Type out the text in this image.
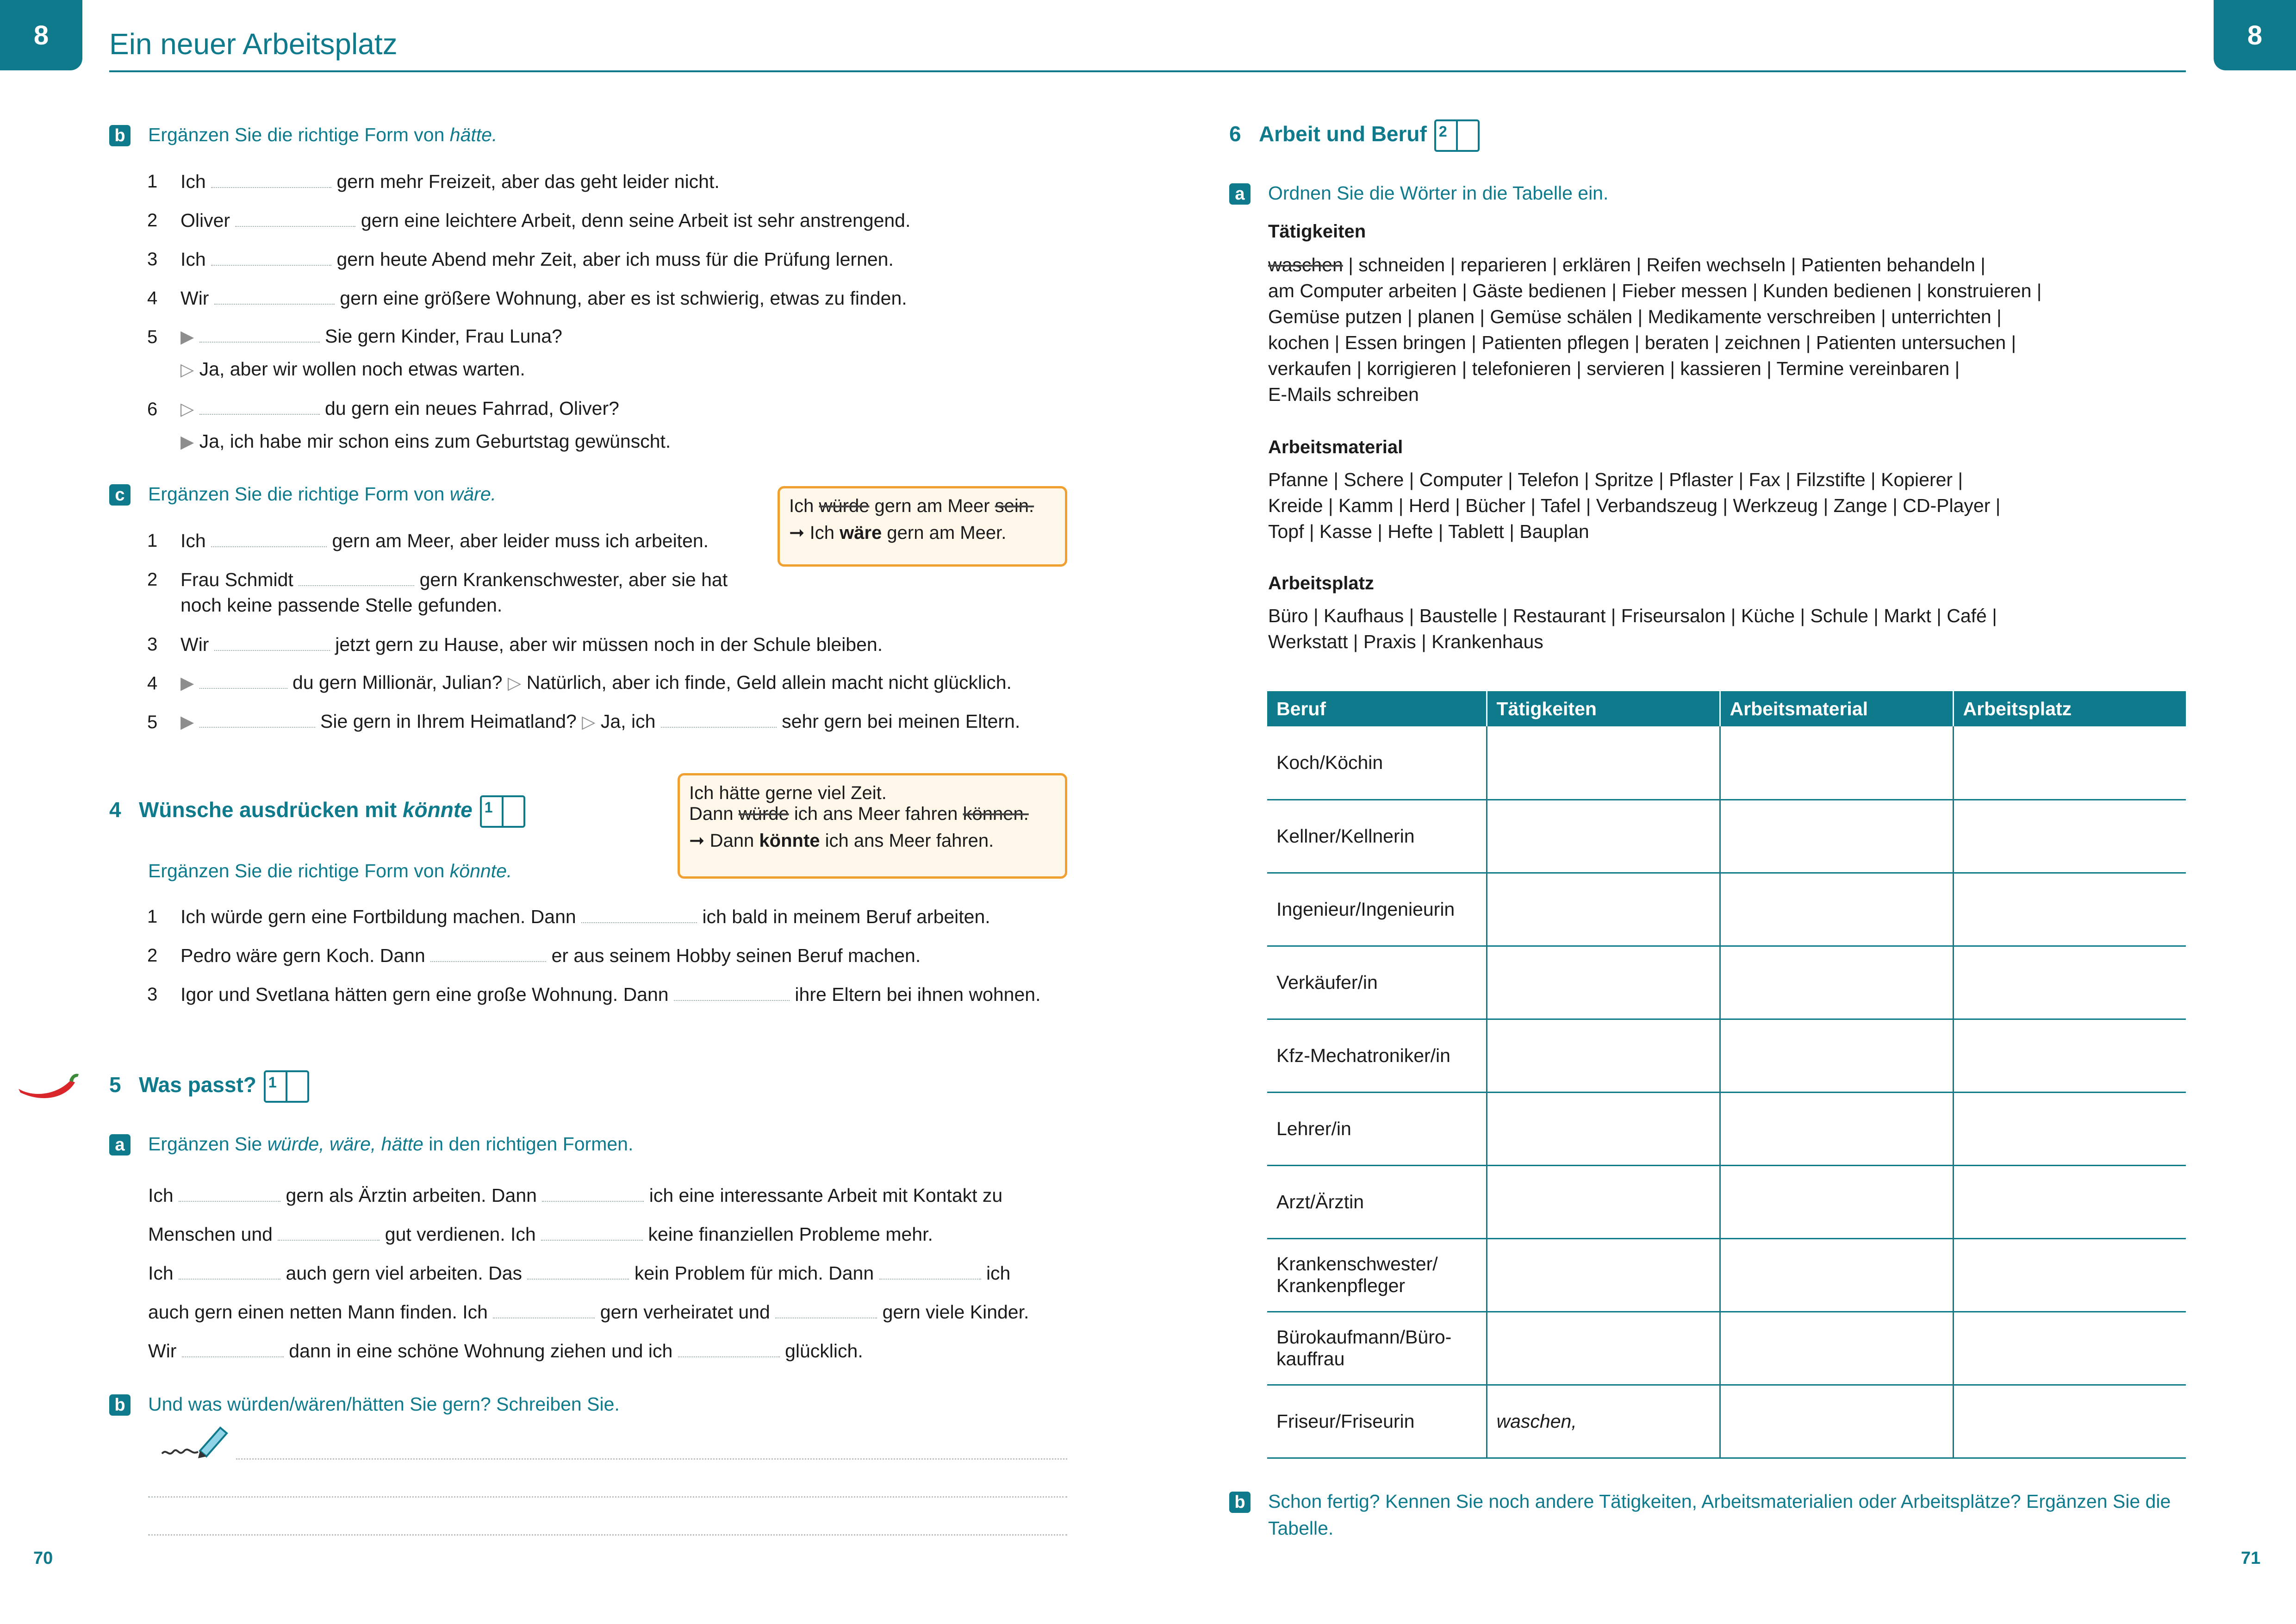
8	8
Ein neuer Arbeitsplatz
b Ergänzen Sie die richtige Form von hätte.
1 Ich	gern mehr Freizeit, aber das geht leider nicht.
2 Oliver	gern eine leichtere Arbeit, denn seine Arbeit ist sehr anstrengend.
3 Ich	gern heute Abend mehr Zeit, aber ich muss für die Prüfung lernen.
4 Wir	gern eine größere Wohnung, aber es ist schwierig, etwas zu finden.
5 ▶	Sie gern Kinder, Frau Luna?
▷ Ja, aber wir wollen noch etwas warten.
6 ▷	du gern ein neues Fahrrad, Oliver?
▶ Ja, ich habe mir schon eins zum Geburtstag gewünscht.
c	Ergänzen Sie die richtige Form von wäre.
Ich würde gern am Meer sein.
➞ Ich wäre gern am Meer.
1 Ich	gern am Meer, aber leider muss ich arbeiten.
2 Frau Schmidt	gern Krankenschwester, aber sie hat
noch keine passende Stelle gefunden.
3 Wir	jetzt gern zu Hause, aber wir müssen noch in der Schule bleiben.
4 ▶	du gern Millionär, Julian? ▷ Natürlich, aber ich finde, Geld allein macht nicht glücklich.
5 ▶	Sie gern in Ihrem Heimatland? ▷ Ja, ich	sehr gern bei meinen Eltern.
4 Wünsche ausdrücken mit könnte 1
Ich hätte gerne viel Zeit.
Dann würde ich ans Meer fahren können.
➞ Dann könnte ich ans Meer fahren.
Ergänzen Sie die richtige Form von könnte.
1 Ich würde gern eine Fortbildung machen. Dann	ich bald in meinem Beruf arbeiten.
2 Pedro wäre gern Koch. Dann	er aus seinem Hobby seinen Beruf machen.
3 Igor und Svetlana hätten gern eine große Wohnung. Dann	ihre Eltern bei ihnen wohnen.
5 Was passt? 1
a	Ergänzen Sie würde, wäre, hätte in den richtigen Formen.
Ich	gern als Ärztin arbeiten. Dann	ich eine interessante Arbeit mit Kontakt zu
Menschen und	gut verdienen. Ich	keine finanziellen Probleme mehr.
Ich	auch gern viel arbeiten. Das	kein Problem für mich. Dann	ich
auch gern einen netten Mann finden. Ich	gern verheiratet und	gern viele Kinder.
Wir	dann in eine schöne Wohnung ziehen und ich	glücklich.
b Und was würden/wären/hätten Sie gern? Schreiben Sie.
70
6 Arbeit und Beruf 2
a	Ordnen Sie die Wörter in die Tabelle ein.
Tätigkeiten
waschen | schneiden | reparieren | erklären | Reifen wechseln | Patienten behandeln |
am Computer arbeiten | Gäste bedienen | Fieber messen | Kunden bedienen | konstruieren |
Gemüse putzen | planen | Gemüse schälen | Medikamente verschreiben | unterrichten |
kochen | Essen bringen | Patienten pflegen | beraten | zeichnen | Patienten untersuchen |
verkaufen | korrigieren | telefonieren | servieren | kassieren | Termine vereinbaren |
E-Mails schreiben
Arbeitsmaterial
Pfanne | Schere | Computer | Telefon | Spritze | Pflaster | Fax | Filzstifte | Kopierer |
Kreide | Kamm | Herd | Bücher | Tafel | Verbandszeug | Werkzeug | Zange | CD-Player |
Topf | Kasse | Hefte | Tablett | Bauplan
Arbeitsplatz
Büro | Kaufhaus | Baustelle | Restaurant | Friseursalon | Küche | Schule | Markt | Café |
Werkstatt | Praxis | Krankenhaus
Beruf	Tätigkeiten	Arbeitsmaterial	Arbeitsplatz
Koch/Köchin			
Kellner/Kellnerin			
Ingenieur/Ingenieurin			
Verkäufer/in			
Kfz-Mechatroniker/in			
Lehrer/in			
Arzt/Ärztin			

Krankenschwester/
Krankenpfleger			

Bürokaufmann/Büro-
kauffrau			

Friseur/Friseurin	waschen,		
b Schon fertig? Kennen Sie noch andere Tätigkeiten, Arbeitsmaterialien oder Arbeitsplätze? Ergänzen Sie die
Tabelle.
71
